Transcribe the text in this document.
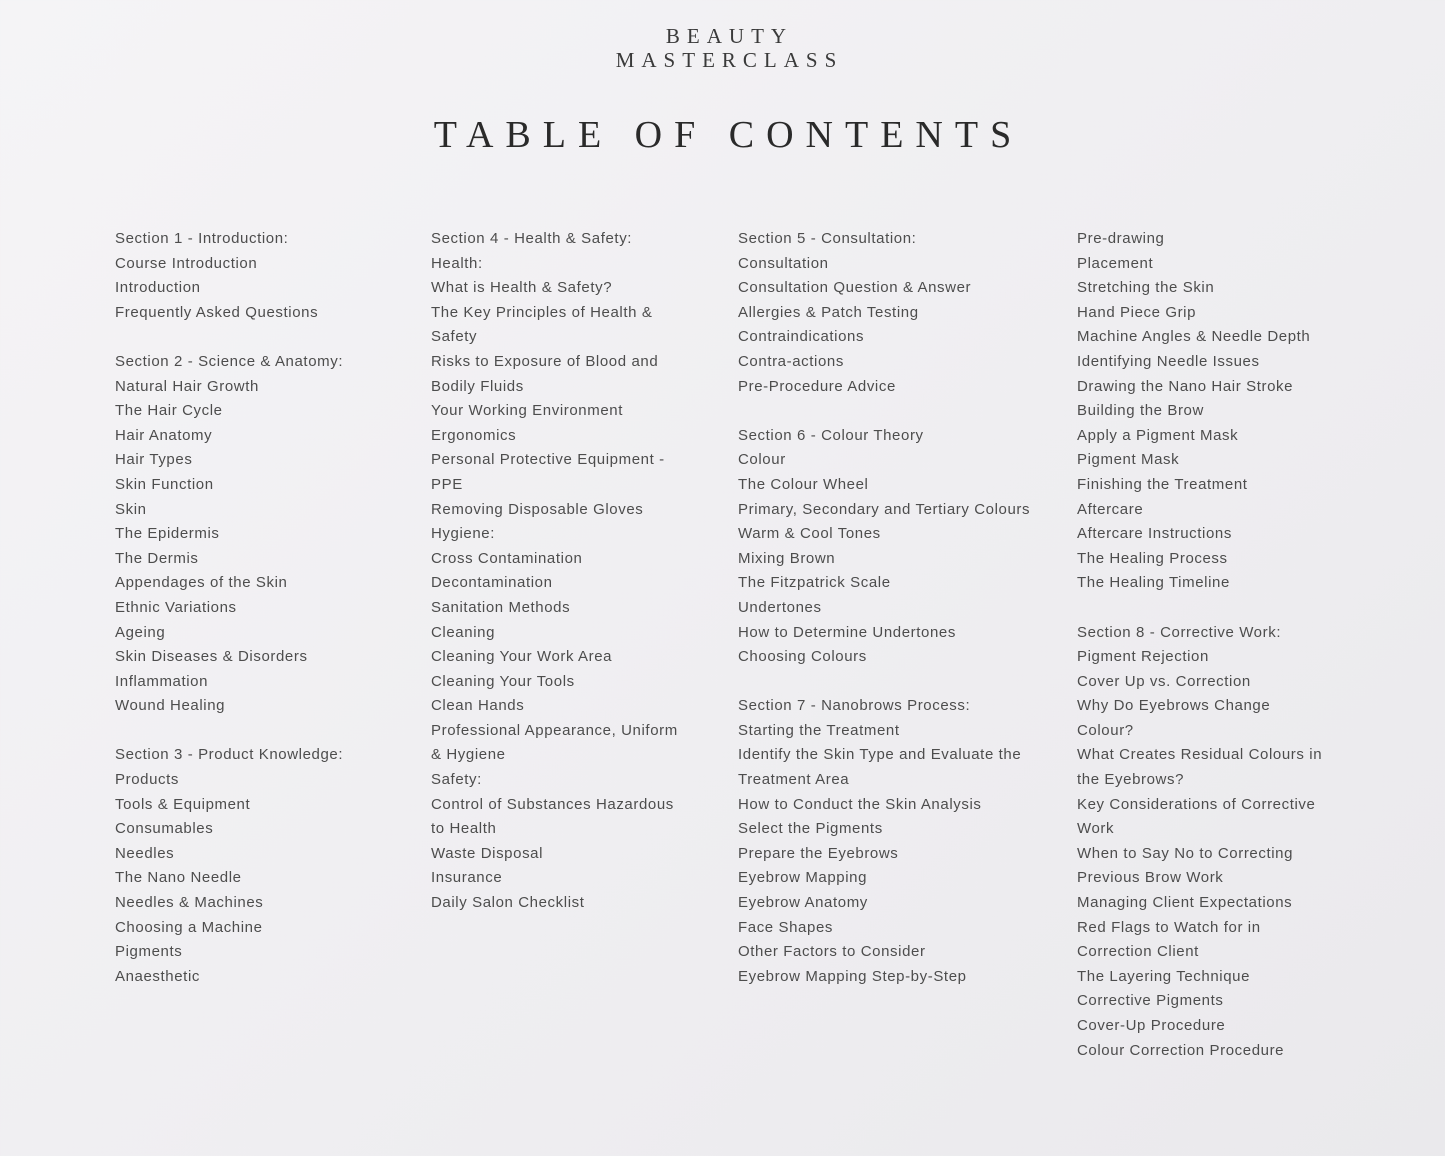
BEAUTY
MASTERCLASS
TABLE OF CONTENTS
Section 1 - Introduction:
Course Introduction
Introduction
Frequently Asked Questions
Section 2 - Science & Anatomy:
Natural Hair Growth
The Hair Cycle
Hair Anatomy
Hair Types
Skin Function
Skin
The Epidermis
The Dermis
Appendages of the Skin
Ethnic Variations
Ageing
Skin Diseases & Disorders
Inflammation
Wound Healing
Section 3 - Product Knowledge:
Products
Tools & Equipment
Consumables
Needles
The Nano Needle
Needles & Machines
Choosing a Machine
Pigments
Anaesthetic
Section 4 - Health & Safety:
Health:
What is Health & Safety?
The Key Principles of Health &
Safety
Risks to Exposure of Blood and
Bodily Fluids
Your Working Environment
Ergonomics
Personal Protective Equipment -
PPE
Removing Disposable Gloves
Hygiene:
Cross Contamination
Decontamination
Sanitation Methods
Cleaning
Cleaning Your Work Area
Cleaning Your Tools
Clean Hands
Professional Appearance, Uniform
& Hygiene
Safety:
Control of Substances Hazardous
to Health
Waste Disposal
Insurance
Daily Salon Checklist
Section 5 - Consultation:
Consultation
Consultation Question & Answer
Allergies & Patch Testing
Contraindications
Contra-actions
Pre-Procedure Advice
Section 6 - Colour Theory
Colour
The Colour Wheel
Primary, Secondary and Tertiary Colours
Warm & Cool Tones
Mixing Brown
The Fitzpatrick Scale
Undertones
How to Determine Undertones
Choosing Colours
Section 7 - Nanobrows Process:
Starting the Treatment
Identify the Skin Type and Evaluate the
Treatment Area
How to Conduct the Skin Analysis
Select the Pigments
Prepare the Eyebrows
Eyebrow Mapping
Eyebrow Anatomy
Face Shapes
Other Factors to Consider
Eyebrow Mapping Step-by-Step
Pre-drawing
Placement
Stretching the Skin
Hand Piece Grip
Machine Angles & Needle Depth
Identifying Needle Issues
Drawing the Nano Hair Stroke
Building the Brow
Apply a Pigment Mask
Pigment Mask
Finishing the Treatment
Aftercare
Aftercare Instructions
The Healing Process
The Healing Timeline
Section 8 - Corrective Work:
Pigment Rejection
Cover Up vs. Correction
Why Do Eyebrows Change
Colour?
What Creates Residual Colours in
the Eyebrows?
Key Considerations of Corrective
Work
When to Say No to Correcting
Previous Brow Work
Managing Client Expectations
Red Flags to Watch for in
Correction Client
The Layering Technique
Corrective Pigments
Cover-Up Procedure
Colour Correction Procedure
